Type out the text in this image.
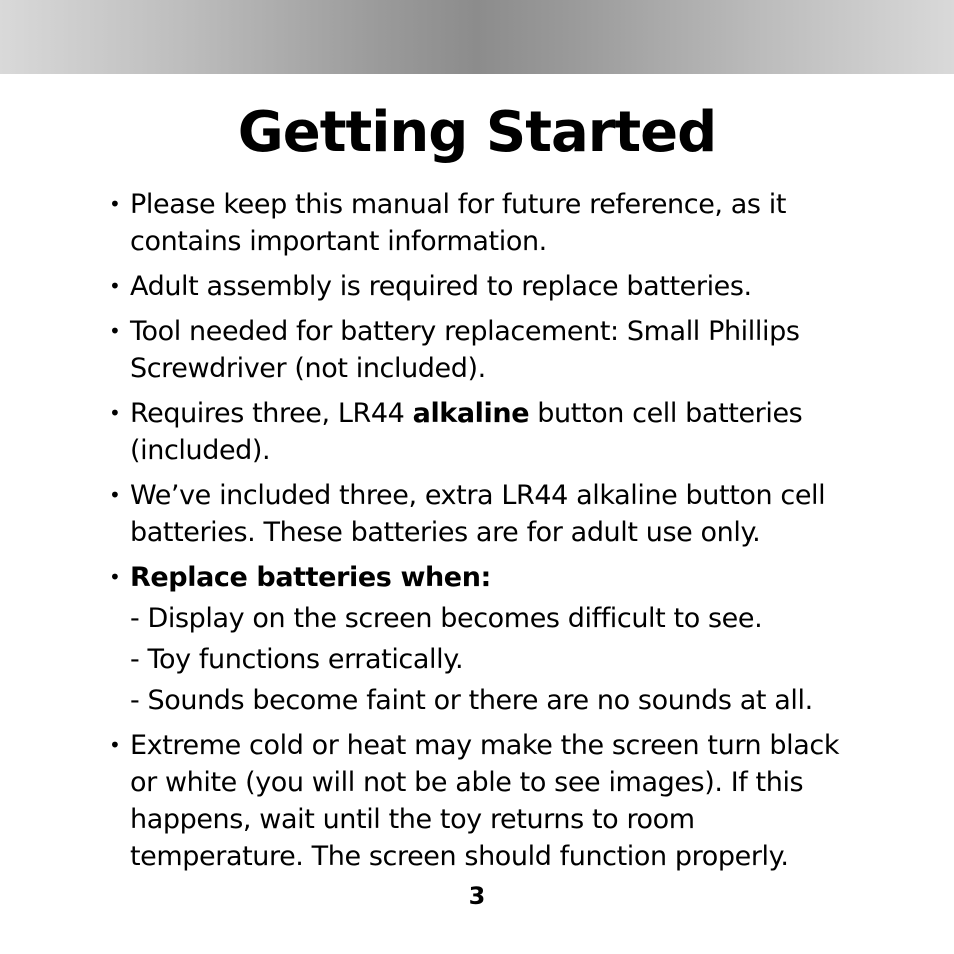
Getting Started
• Please keep this manual for future reference, as it contains important information.
• Adult assembly is required to replace batteries.
• Tool needed for battery replacement: Small Phillips Screwdriver (not included).
• Requires three, LR44 alkaline button cell batteries (included).
• We’ve included three, extra LR44 alkaline button cell batteries. These batteries are for adult use only.
• Replace batteries when:
- Display on the screen becomes difficult to see.
- Toy functions erratically.
- Sounds become faint or there are no sounds at all.
• Extreme cold or heat may make the screen turn black or white (you will not be able to see images). If this happens, wait until the toy returns to room temperature. The screen should function properly.
3
